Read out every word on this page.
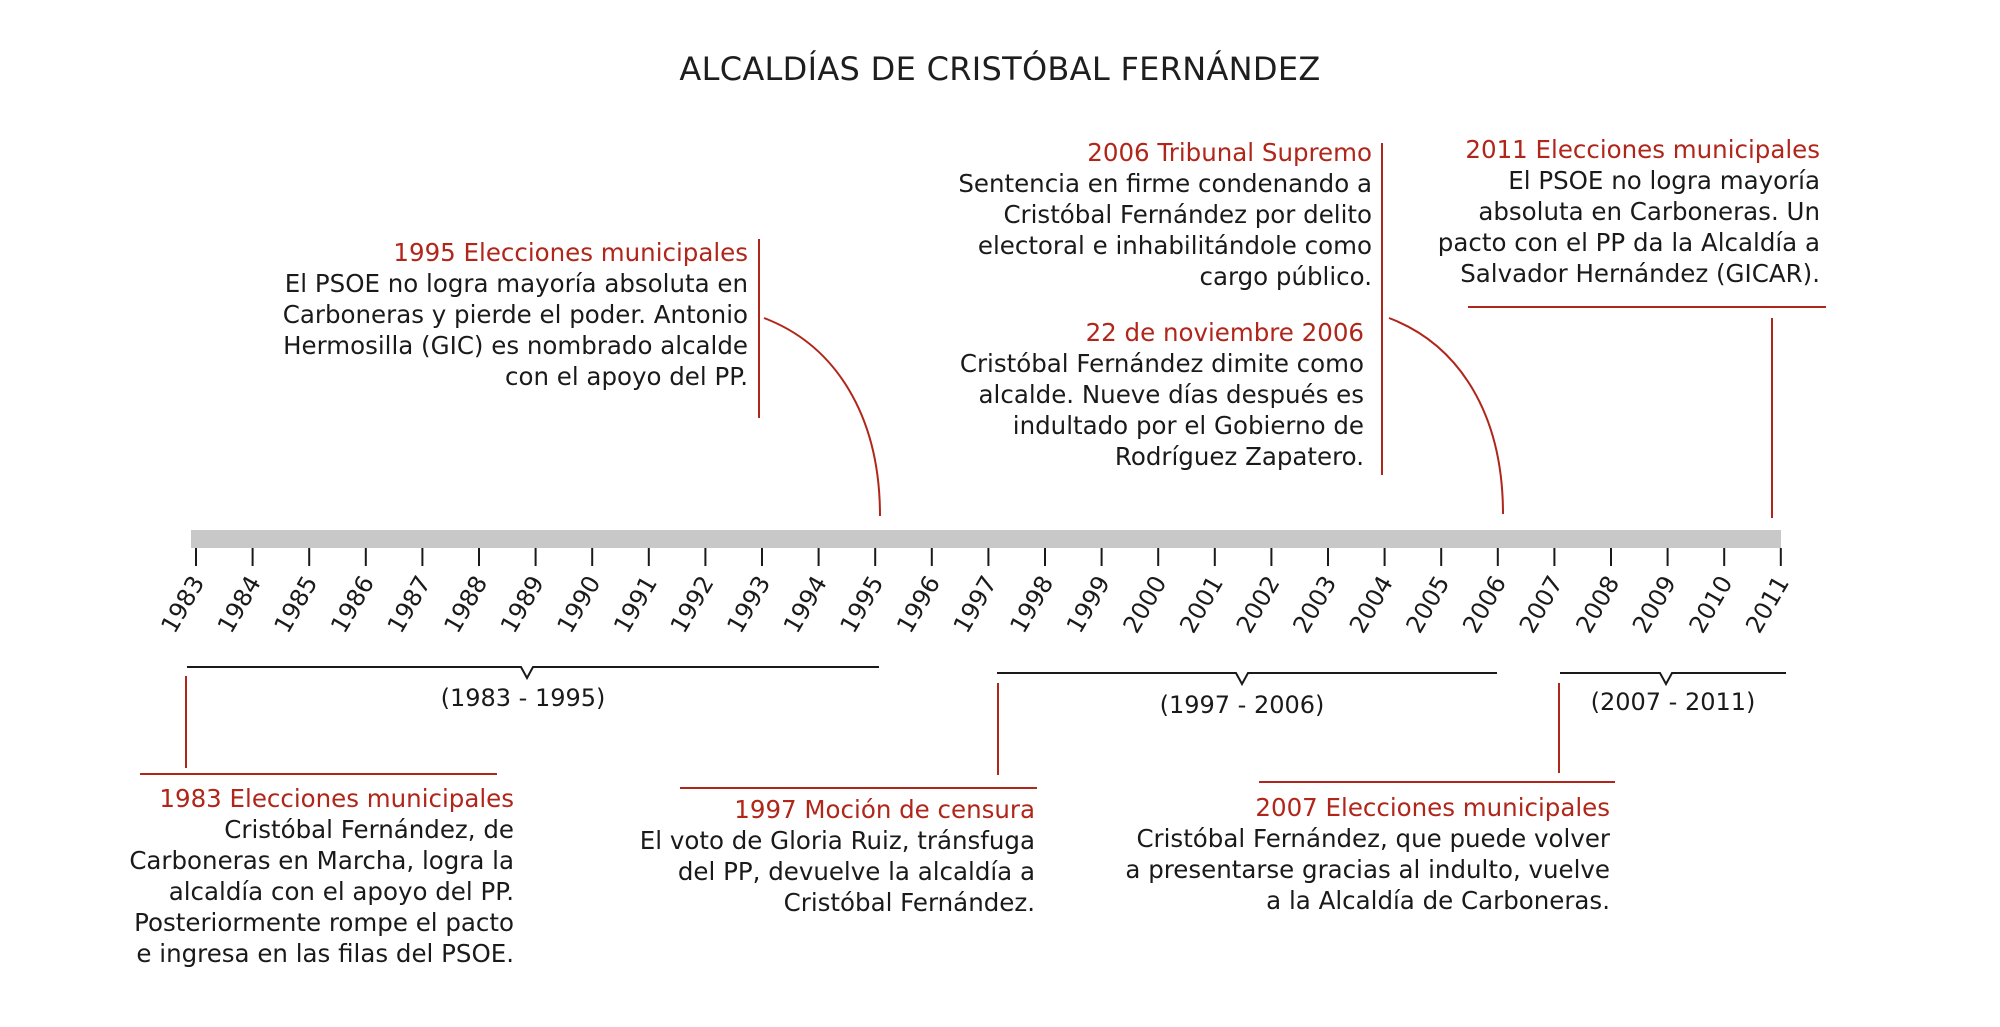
ALCALDÍAS DE CRISTÓBAL FERNÁNDEZ
1983 1984 1985 1986 1987 1988 1989 1990 1991 1992 1993 1994 1995 1996 1997 1998 1999 2000 2001 2002 2003 2004 2005 2006 2007 2008 2009 2010 2011
1995 Elecciones municipales
El PSOE no logra mayoría absoluta en
Carboneras y pierde el poder. Antonio
Hermosilla (GIC) es nombrado alcalde
con el apoyo del PP.
2006 Tribunal Supremo
Sentencia en firme condenando a
Cristóbal Fernández por delito
electoral e inhabilitándole como
cargo público.
22 de noviembre 2006
Cristóbal Fernández dimite como
alcalde. Nueve días después es
indultado por el Gobierno de
Rodríguez Zapatero.
2011 Elecciones municipales
El PSOE no logra mayoría
absoluta en Carboneras. Un
pacto con el PP da la Alcaldía a
Salvador Hernández (GICAR).
(1983 - 1995)	(1997 - 2006)	(2007 - 2011)
1983 Elecciones municipales
Cristóbal Fernández, de
Carboneras en Marcha, logra la
alcaldía con el apoyo del PP.
Posteriormente rompe el pacto
e ingresa en las filas del PSOE.
1997 Moción de censura
El voto de Gloria Ruiz, tránsfuga
del PP, devuelve la alcaldía a
Cristóbal Fernández.
2007 Elecciones municipales
Cristóbal Fernández, que puede volver
a presentarse gracias al indulto, vuelve
a la Alcaldía de Carboneras.
